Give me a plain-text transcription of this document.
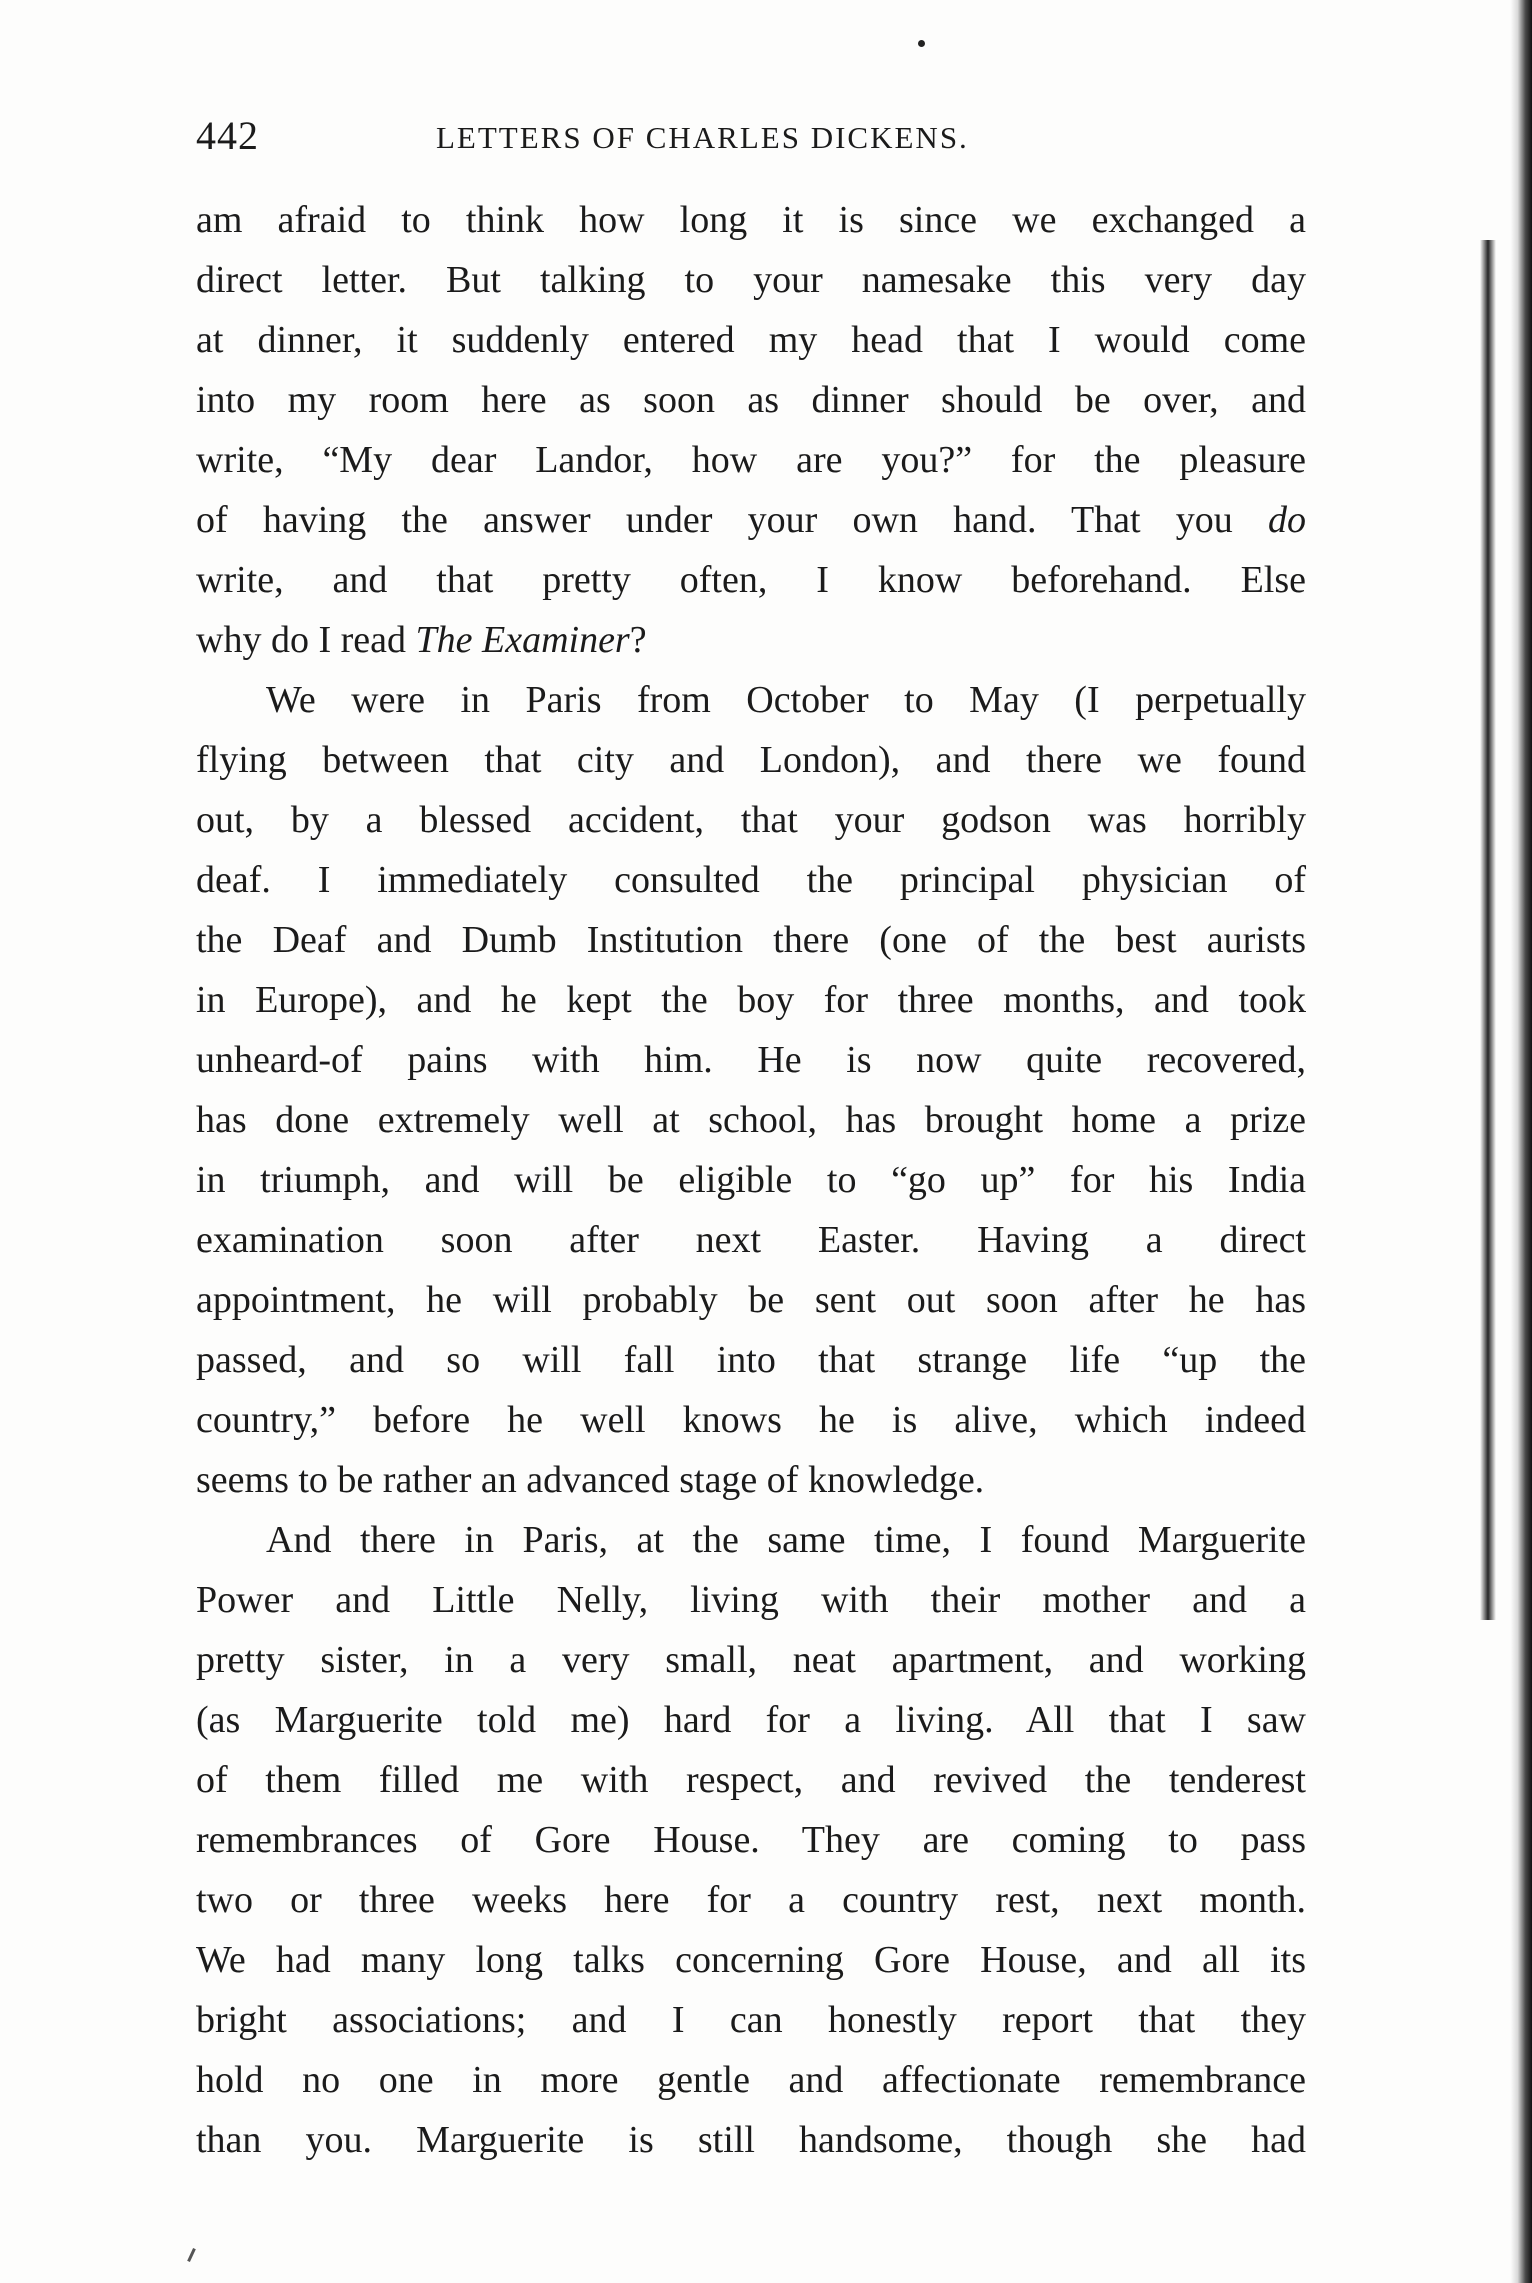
442	LETTERS OF CHARLES DICKENS.
am afraid to think how long it is since we exchanged a
direct letter. But talking to your namesake this very day
at dinner, it suddenly entered my head that I would come
into my room here as soon as dinner should be over, and
write, “My dear Landor, how are you?” for the pleasure
of having the answer under your own hand. That you do
write, and that pretty often, I know beforehand. Else
why do I read The Examiner?
We were in Paris from October to May (I perpetually
flying between that city and London), and there we found
out, by a blessed accident, that your godson was horribly
deaf. I immediately consulted the principal physician of
the Deaf and Dumb Institution there (one of the best aurists
in Europe), and he kept the boy for three months, and took
unheard-of pains with him. He is now quite recovered,
has done extremely well at school, has brought home a prize
in triumph, and will be eligible to “go up” for his India
examination soon after next Easter. Having a direct
appointment, he will probably be sent out soon after he has
passed, and so will fall into that strange life “up the
country,” before he well knows he is alive, which indeed
seems to be rather an advanced stage of knowledge.
And there in Paris, at the same time, I found Marguerite
Power and Little Nelly, living with their mother and a
pretty sister, in a very small, neat apartment, and working
(as Marguerite told me) hard for a living. All that I saw
of them filled me with respect, and revived the tenderest
remembrances of Gore House. They are coming to pass
two or three weeks here for a country rest, next month.
We had many long talks concerning Gore House, and all its
bright associations; and I can honestly report that they
hold no one in more gentle and affectionate remembrance
than you. Marguerite is still handsome, though she had
